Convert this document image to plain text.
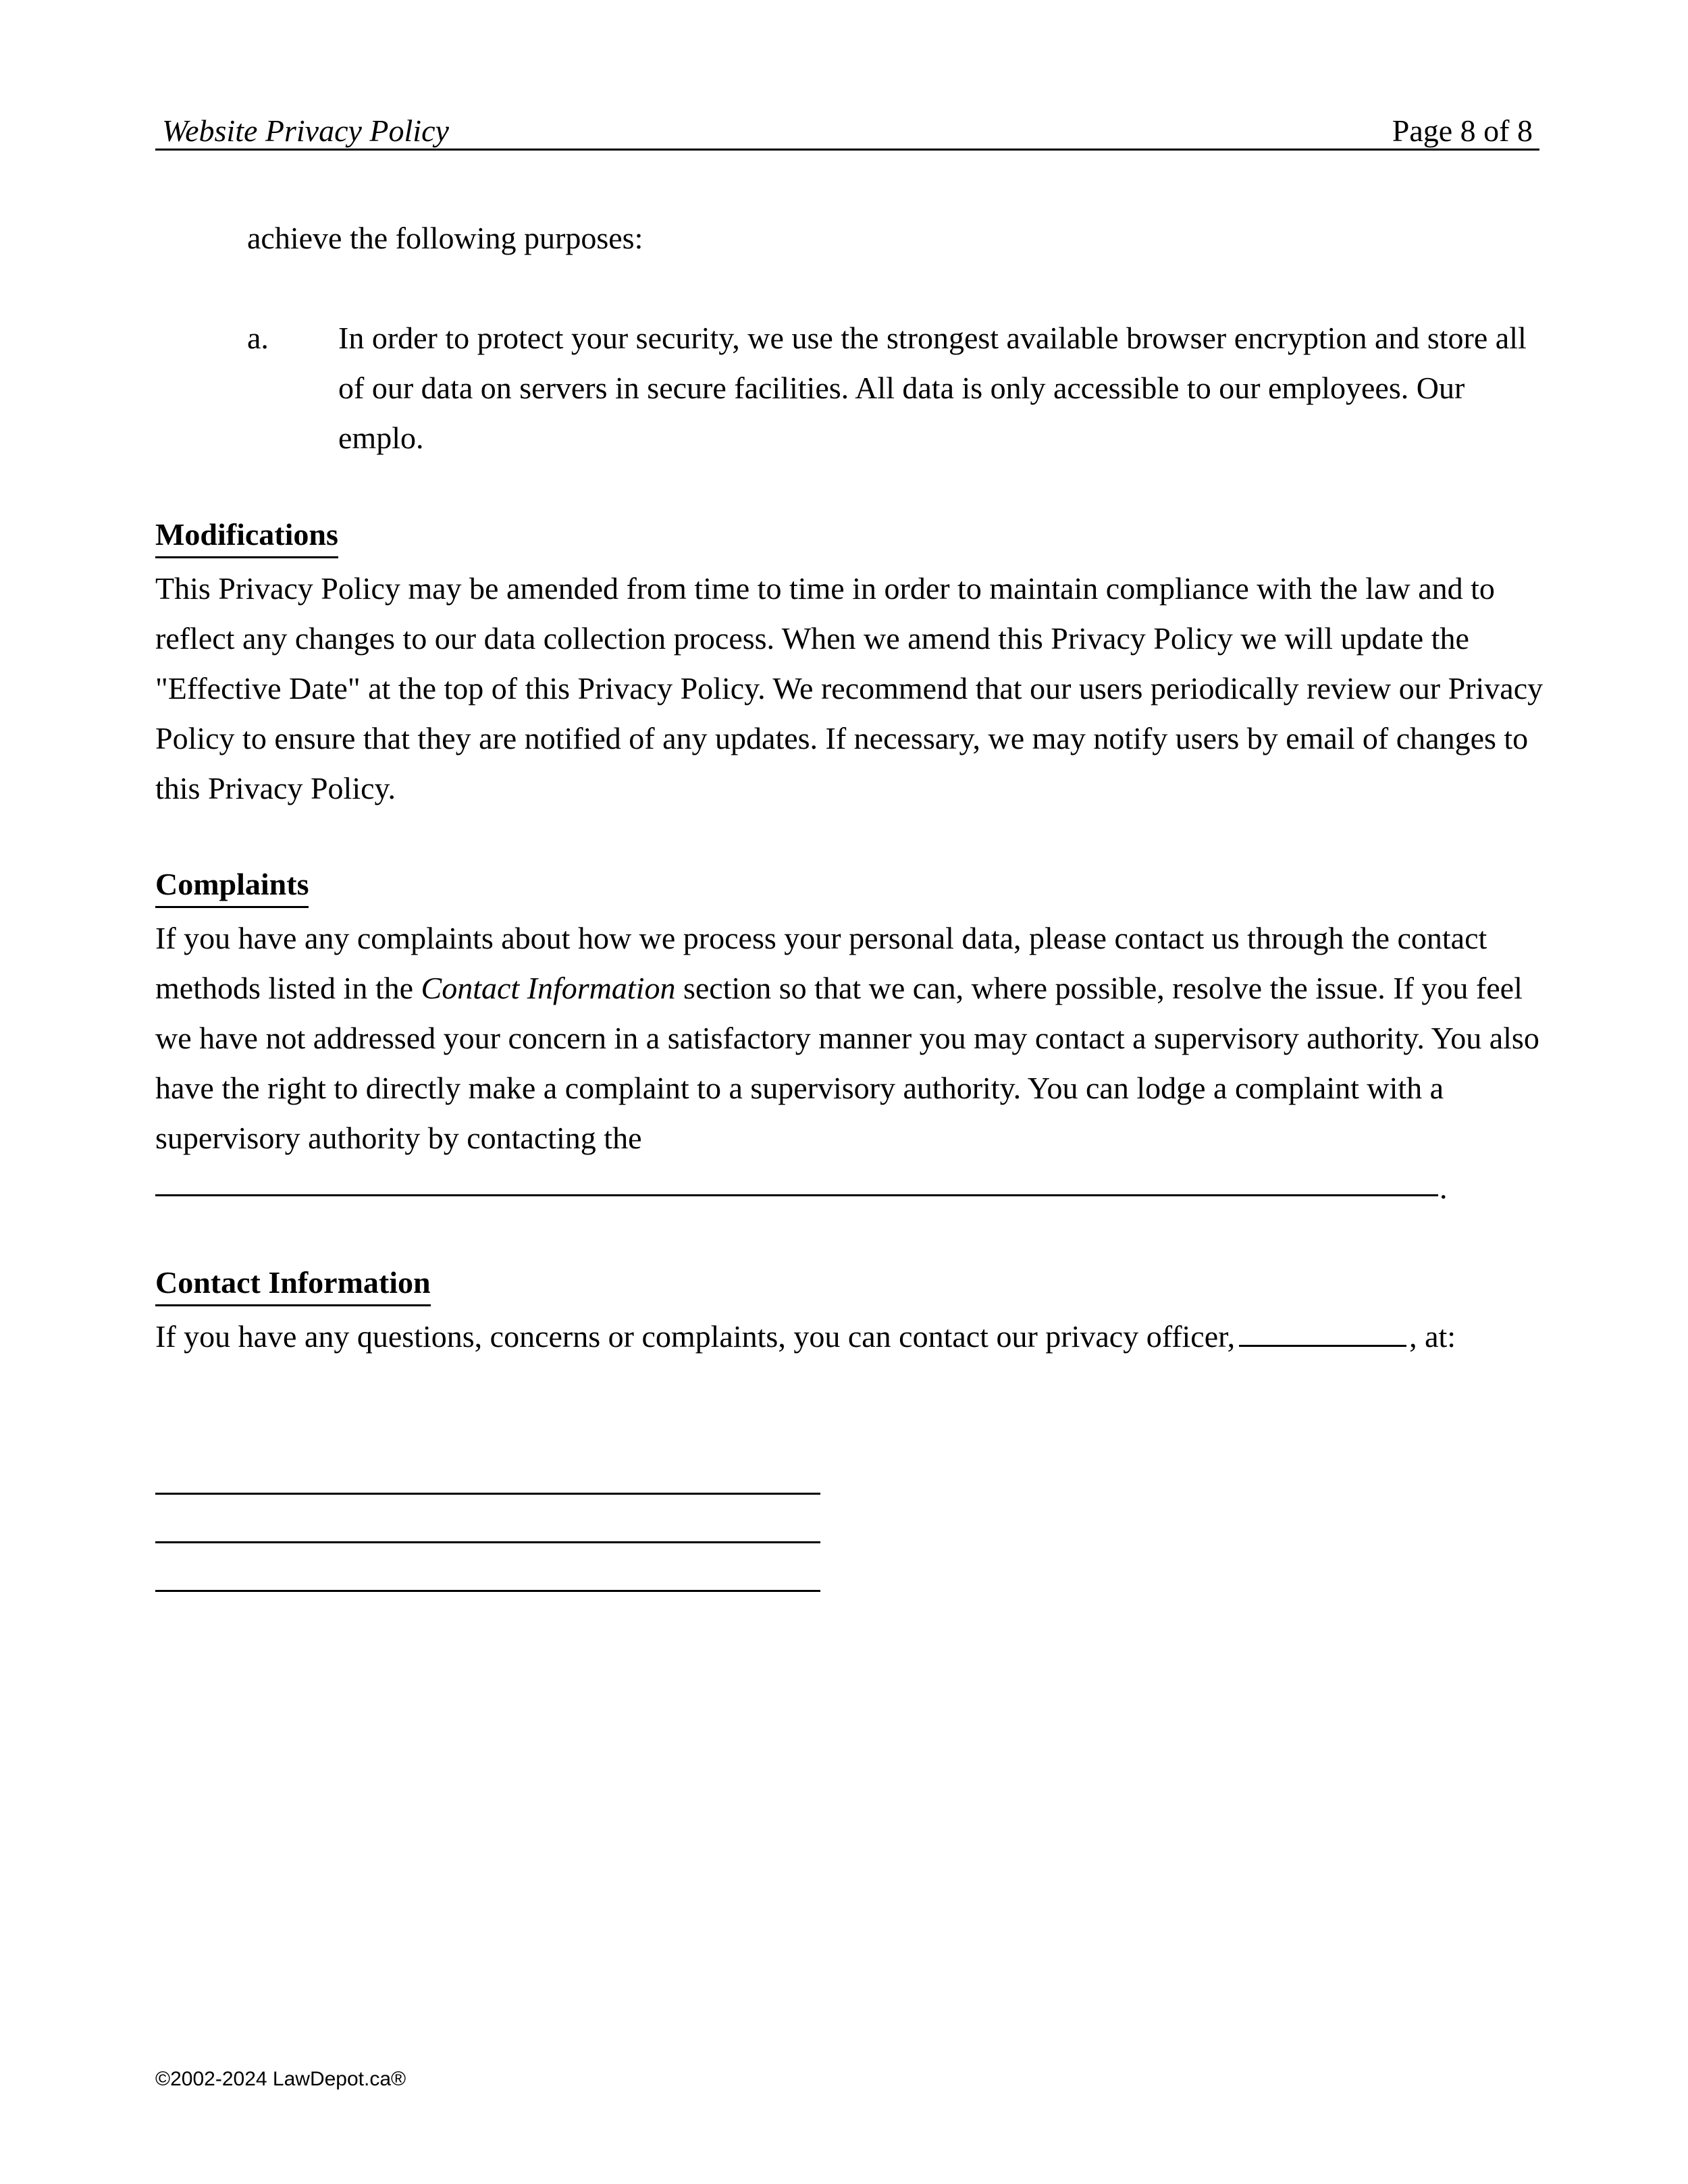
Website Privacy Policy	Page 8 of 8
achieve the following purposes:
a. In order to protect your security, we use the strongest available browser encryption and store all of our data on servers in secure facilities. All data is only accessible to our employees. Our emplo.
Modifications
This Privacy Policy may be amended from time to time in order to maintain compliance with the law and to reflect any changes to our data collection process. When we amend this Privacy Policy we will update the "Effective Date" at the top of this Privacy Policy. We recommend that our users periodically review our Privacy Policy to ensure that they are notified of any updates. If necessary, we may notify users by email of changes to this Privacy Policy.
Complaints
If you have any complaints about how we process your personal data, please contact us through the contact methods listed in the Contact Information section so that we can, where possible, resolve the issue. If you feel we have not addressed your concern in a satisfactory manner you may contact a supervisory authority. You also have the right to directly make a complaint to a supervisory authority. You can lodge a complaint with a supervisory authority by contacting the
.
Contact Information
If you have any questions, concerns or complaints, you can contact our privacy officer,	, at:
©2002-2024 LawDepot.ca®
